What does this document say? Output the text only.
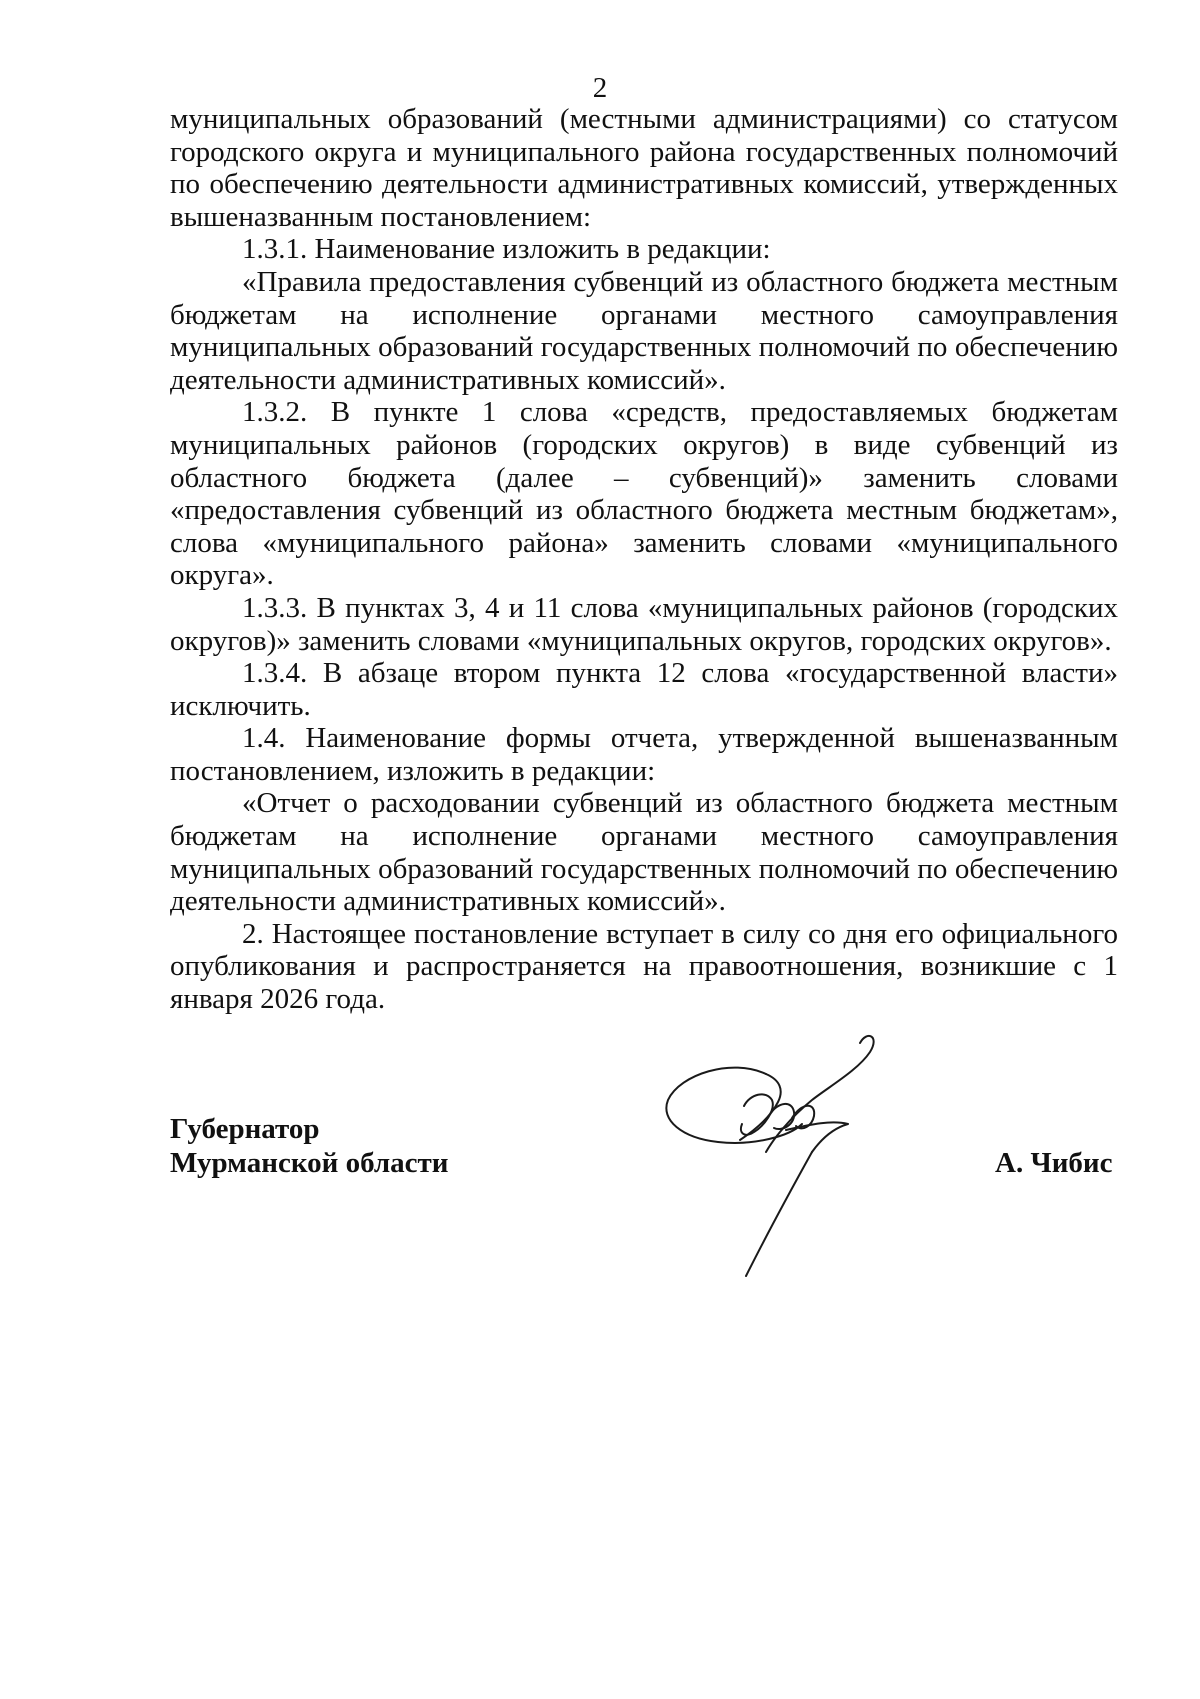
2

муниципальных образований (местными администрациями) со статусом городского округа и муниципального района государственных полномочий по обеспечению деятельности административных комиссий, утвержденных вышеназванным постановлением:

1.3.1. Наименование изложить в редакции:

«Правила предоставления субвенций из областного бюджета местным бюджетам на исполнение органами местного самоуправления муниципальных образований государственных полномочий по обеспечению деятельности административных комиссий».

1.3.2. В пункте 1 слова «средств, предоставляемых бюджетам муниципальных районов (городских округов) в виде субвенций из областного бюджета (далее – субвенций)» заменить словами «предоставления субвенций из областного бюджета местным бюджетам», слова «муниципального района» заменить словами «муниципального округа».

1.3.3. В пунктах 3, 4 и 11 слова «муниципальных районов (городских округов)» заменить словами «муниципальных округов, городских округов».

1.3.4. В абзаце втором пункта 12 слова «государственной власти» исключить.

1.4. Наименование формы отчета, утвержденной вышеназванным постановлением, изложить в редакции:

«Отчет о расходовании субвенций из областного бюджета местным бюджетам на исполнение органами местного самоуправления муниципальных образований государственных полномочий по обеспечению деятельности административных комиссий».

2. Настоящее постановление вступает в силу со дня его официального опубликования и распространяется на правоотношения, возникшие с 1 января 2026 года.

Губернатор

Мурманской области	А. Чибис
